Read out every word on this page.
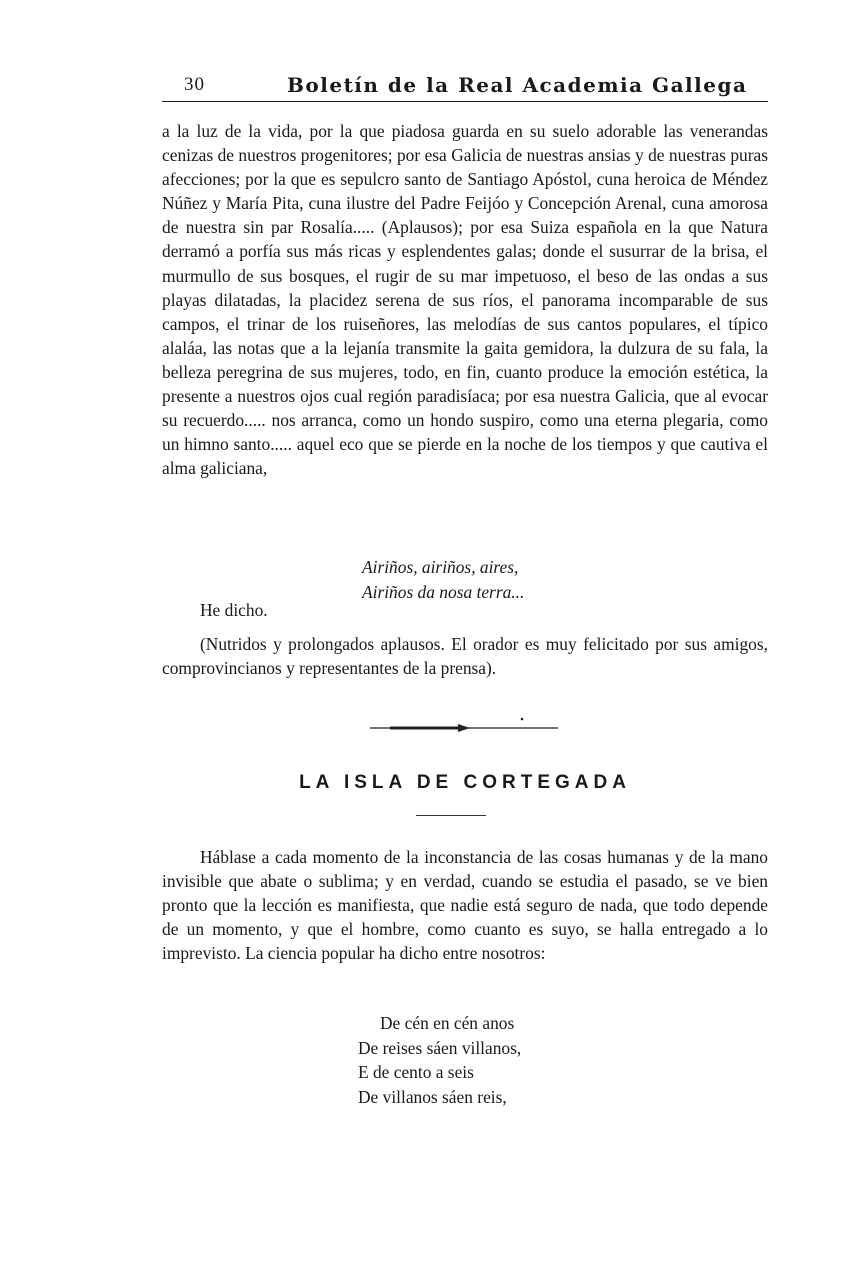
30	Boletín de la Real Academia Gallega

a la luz de la vida, por la que piadosa guarda en su suelo adorable las venerandas cenizas de nuestros progenitores; por esa Galicia de nuestras ansias y de nuestras puras afecciones; por la que es sepulcro santo de Santiago Apóstol, cuna heroica de Méndez Núñez y María Pita, cuna ilustre del Padre Feijóo y Concepción Arenal, cuna amorosa de nuestra sin par Rosalía..... (Aplausos); por esa Suiza española en la que Natura derramó a porfía sus más ricas y esplendentes galas; donde el susurrar de la brisa, el murmullo de sus bosques, el rugir de su mar impetuoso, el beso de las ondas a sus playas dilatadas, la placidez serena de sus ríos, el panorama incomparable de sus campos, el trinar de los ruiseñores, las melodías de sus cantos populares, el típico alaláa, las notas que a la lejanía transmite la gaita gemidora, la dulzura de su fala, la belleza peregrina de sus mujeres, todo, en fin, cuanto produce la emoción estética, la presente a nuestros ojos cual región paradisíaca; por esa nuestra Galicia, que al evocar su recuerdo..... nos arranca, como un hondo suspiro, como una eterna plegaria, como un himno santo..... aquel eco que se pierde en la noche de los tiempos y que cautiva el alma galiciana,

Airiños, airiños, aires,
Airiños da nosa terra...

He dicho.

(Nutridos y prolongados aplausos. El orador es muy felicitado por sus amigos, comprovincianos y representantes de la prensa).

LA ISLA DE CORTEGADA

Háblase a cada momento de la inconstancia de las cosas humanas y de la mano invisible que abate o sublima; y en verdad, cuando se estudia el pasado, se ve bien pronto que la lección es manifiesta, que nadie está seguro de nada, que todo depende de un momento, y que el hombre, como cuanto es suyo, se halla entregado a lo imprevisto. La ciencia popular ha dicho entre nosotros:

De cén en cén anos
De reises sáen villanos,
E de cento a seis
De villanos sáen reis,
